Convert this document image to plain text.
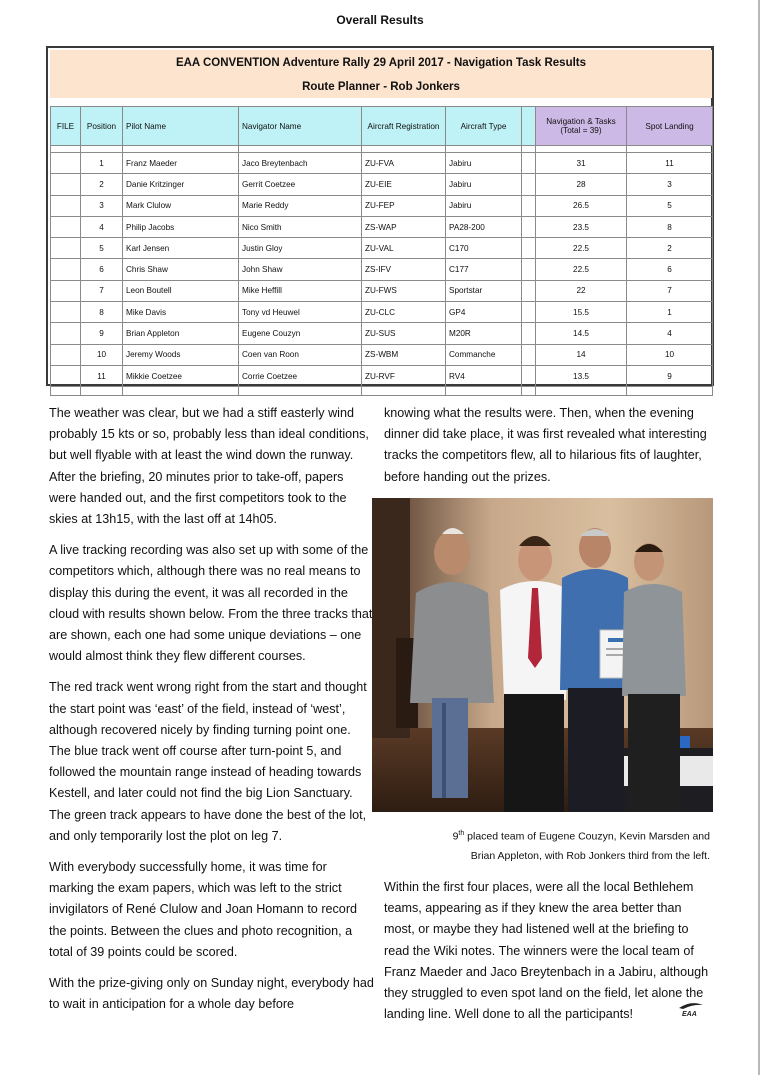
Overall Results
EAA CONVENTION Adventure Rally 29 April 2017 - Navigation Task Results
Route Planner - Rob Jonkers
FILE	Position	Pilot Name	Navigator Name	Aircraft Registration	Aircraft Type		Navigation & Tasks
(Total = 39)	Spot Landing

	1	Franz Maeder	Jaco Breytenbach	ZU-FVA	Jabiru		31	11
	2	Danie Kritzinger	Gerrit Coetzee	ZU-EIE	Jabiru		28	3
	3	Mark Clulow	Marie Reddy	ZU-FEP	Jabiru		26.5	5
	4	Philip Jacobs	Nico Smith	ZS-WAP	PA28-200		23.5	8
	5	Karl Jensen	Justin Gloy	ZU-VAL	C170		22.5	2
	6	Chris Shaw	John Shaw	ZS-IFV	C177		22.5	6
	7	Leon Boutell	Mike Heffill	ZU-FWS	Sportstar		22	7
	8	Mike Davis	Tony vd Heuwel	ZU-CLC	GP4		15.5	1
	9	Brian Appleton	Eugene Couzyn	ZU-SUS	M20R		14.5	4
	10	Jeremy Woods	Coen van Roon	ZS-WBM	Commanche		14	10
	11	Mikkie Coetzee	Corrie Coetzee	ZU-RVF	RV4		13.5	9

The weather was clear, but we had a stiff easterly wind probably 15 kts or so, probably less than ideal conditions, but well flyable with at least the wind down the runway. After the briefing, 20 minutes prior to take-off, papers were handed out, and the first competitors took to the skies at 13h15, with the last off at 14h05.

A live tracking recording was also set up with some of the competitors which, although there was no real means to display this during the event, it was all recorded in the cloud with results shown below. From the three tracks that are shown, each one had some unique deviations – one would almost think they flew different courses.

The red track went wrong right from the start and thought the start point was ‘east’ of the field, instead of ‘west’, although recovered nicely by finding turning point one. The blue track went off course after turn-point 5, and followed the mountain range instead of heading towards Kestell, and later could not find the big Lion Sanctuary. The green track appears to have done the best of the lot, and only temporarily lost the plot on leg 7.

With everybody successfully home, it was time for marking the exam papers, which was left to the strict invigilators of René Clulow and Joan Homann to record the points. Between the clues and photo recognition, a total of 39 points could be scored.

With the prize-giving only on Sunday night, everybody had to wait in anticipation for a whole day before

knowing what the results were. Then, when the evening dinner did take place, it was first revealed what interesting tracks the competitors flew, all to hilarious fits of laughter, before handing out the prizes.

9th placed team of Eugene Couzyn, Kevin Marsden and
Brian Appleton, with Rob Jonkers third from the left.

Within the first four places, were all the local Bethlehem teams, appearing as if they knew the area better than most, or maybe they had listened well at the briefing to read the Wiki notes. The winners were the local team of Franz Maeder and Jaco Breytenbach in a Jabiru, although they struggled to even spot land on the field, let alone the landing line. Well done to all the participants!	EAA
